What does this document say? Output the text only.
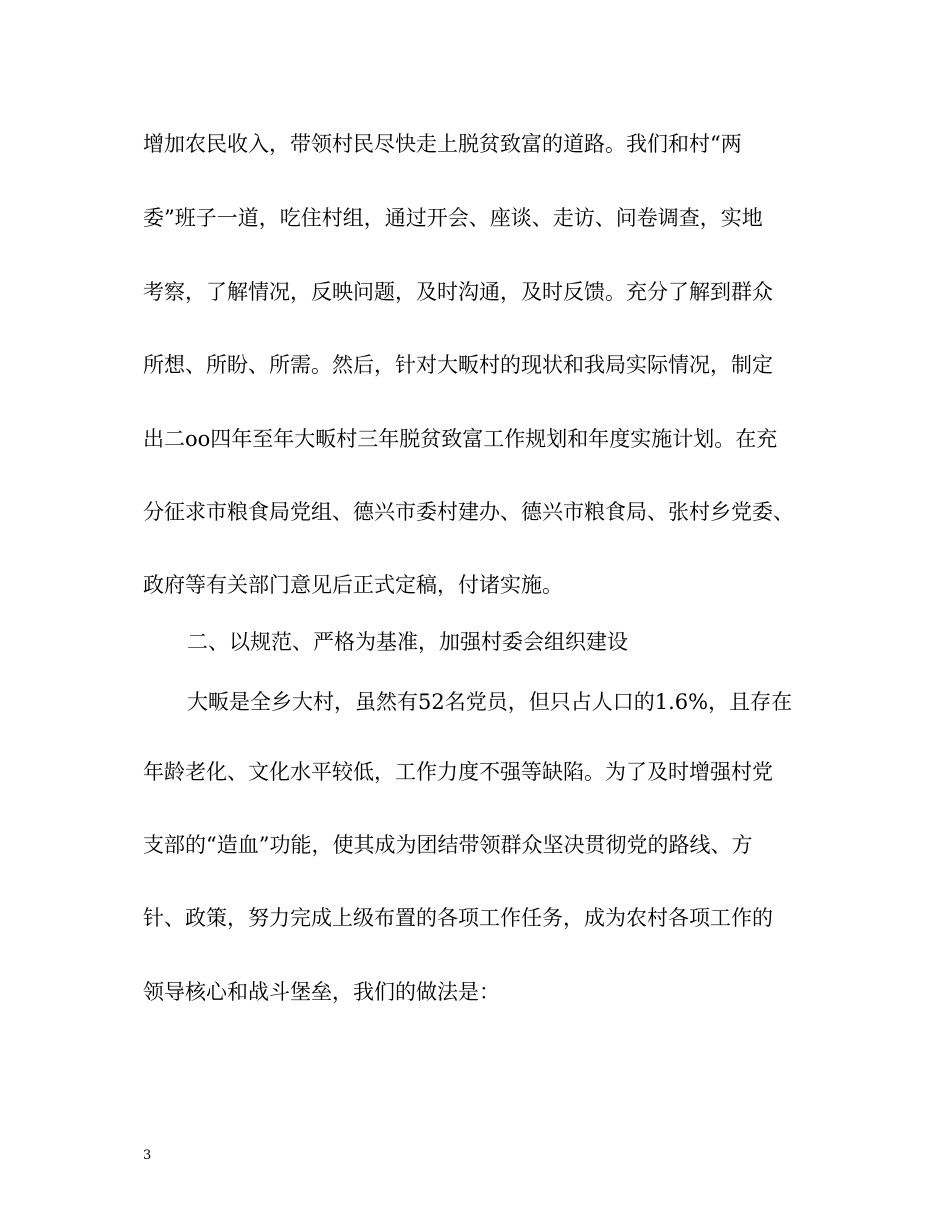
增加农民收入，带领村民尽快走上脱贫致富的道路。我们和村“两
委”班子一道，吃住村组，通过开会、座谈、走访、问卷调查，实地
考察，了解情况，反映问题，及时沟通，及时反馈。充分了解到群众
所想、所盼、所需。然后，针对大畈村的现状和我局实际情况，制定
出二oo四年至年大畈村三年脱贫致富工作规划和年度实施计划。在充
分征求市粮食局党组、德兴市委村建办、德兴市粮食局、张村乡党委、
政府等有关部门意见后正式定稿，付诸实施。
二、以规范、严格为基准，加强村委会组织建设
大畈是全乡大村，虽然有52名党员，但只占人口的1.6%，且存在
年龄老化、文化水平较低，工作力度不强等缺陷。为了及时增强村党
支部的“造血”功能，使其成为团结带领群众坚决贯彻党的路线、方
针、政策，努力完成上级布置的各项工作任务，成为农村各项工作的
领导核心和战斗堡垒，我们的做法是：
3
